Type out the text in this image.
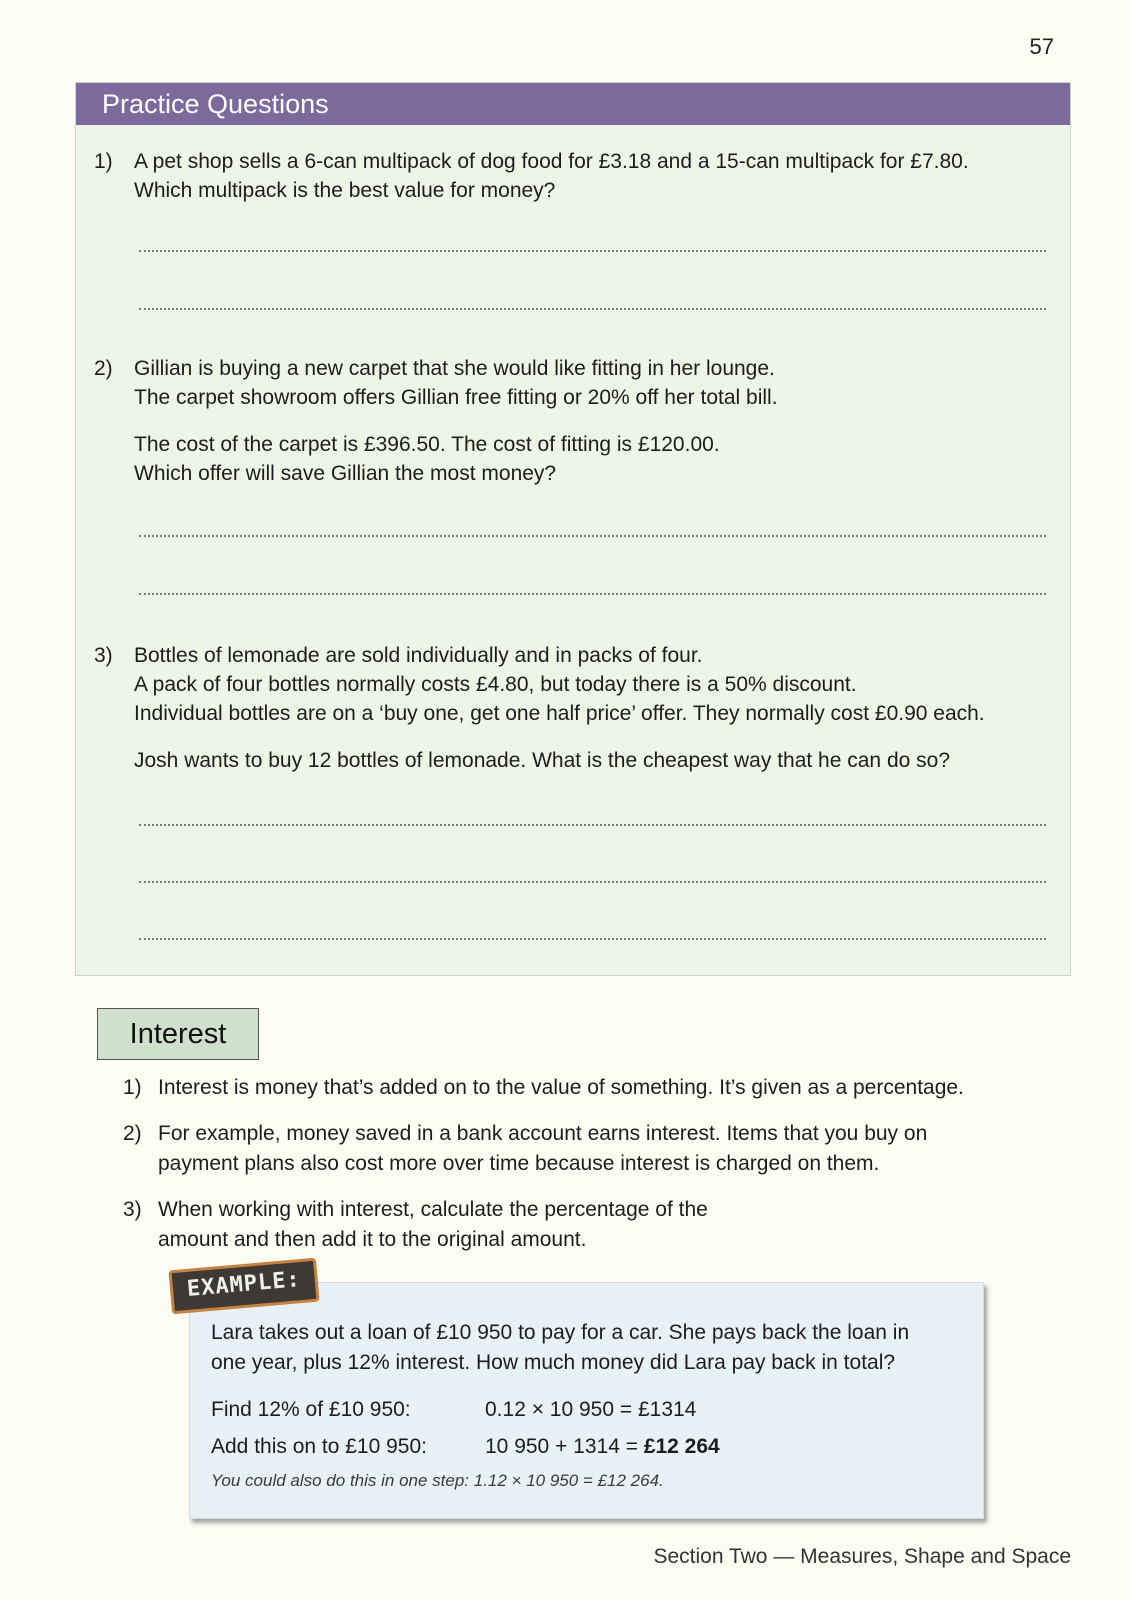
57
Practice Questions
1)	A pet shop sells a 6-can multipack of dog food for £3.18 and a 15-can multipack for £7.80.

Which multipack is the best value for money?

2)	Gillian is buying a new carpet that she would like fitting in her lounge.

The carpet showroom offers Gillian free fitting or 20% off her total bill.

The cost of the carpet is £396.50. The cost of fitting is £120.00.

Which offer will save Gillian the most money?

3)	Bottles of lemonade are sold individually and in packs of four.

A pack of four bottles normally costs £4.80, but today there is a 50% discount.

Individual bottles are on a ‘buy one, get one half price’ offer. They normally cost £0.90 each.

Josh wants to buy 12 bottles of lemonade. What is the cheapest way that he can do so?

Interest
1) Interest is money that’s added on to the value of something. It’s given as a percentage.
2) For example, money saved in a bank account earns interest. Items that you buy on
payment plans also cost more over time because interest is charged on them.
3) When working with interest, calculate the percentage of the
amount and then add it to the original amount.
EXAMPLE:
Lara takes out a loan of £10 950 to pay for a car. She pays back the loan in
one year, plus 12% interest. How much money did Lara pay back in total?
Find 12% of £10 950:	0.12 × 10 950 = £1314
Add this on to £10 950:	10 950 + 1314 = £12 264
You could also do this in one step: 1.12 × 10 950 = £12 264.
Section Two — Measures, Shape and Space
